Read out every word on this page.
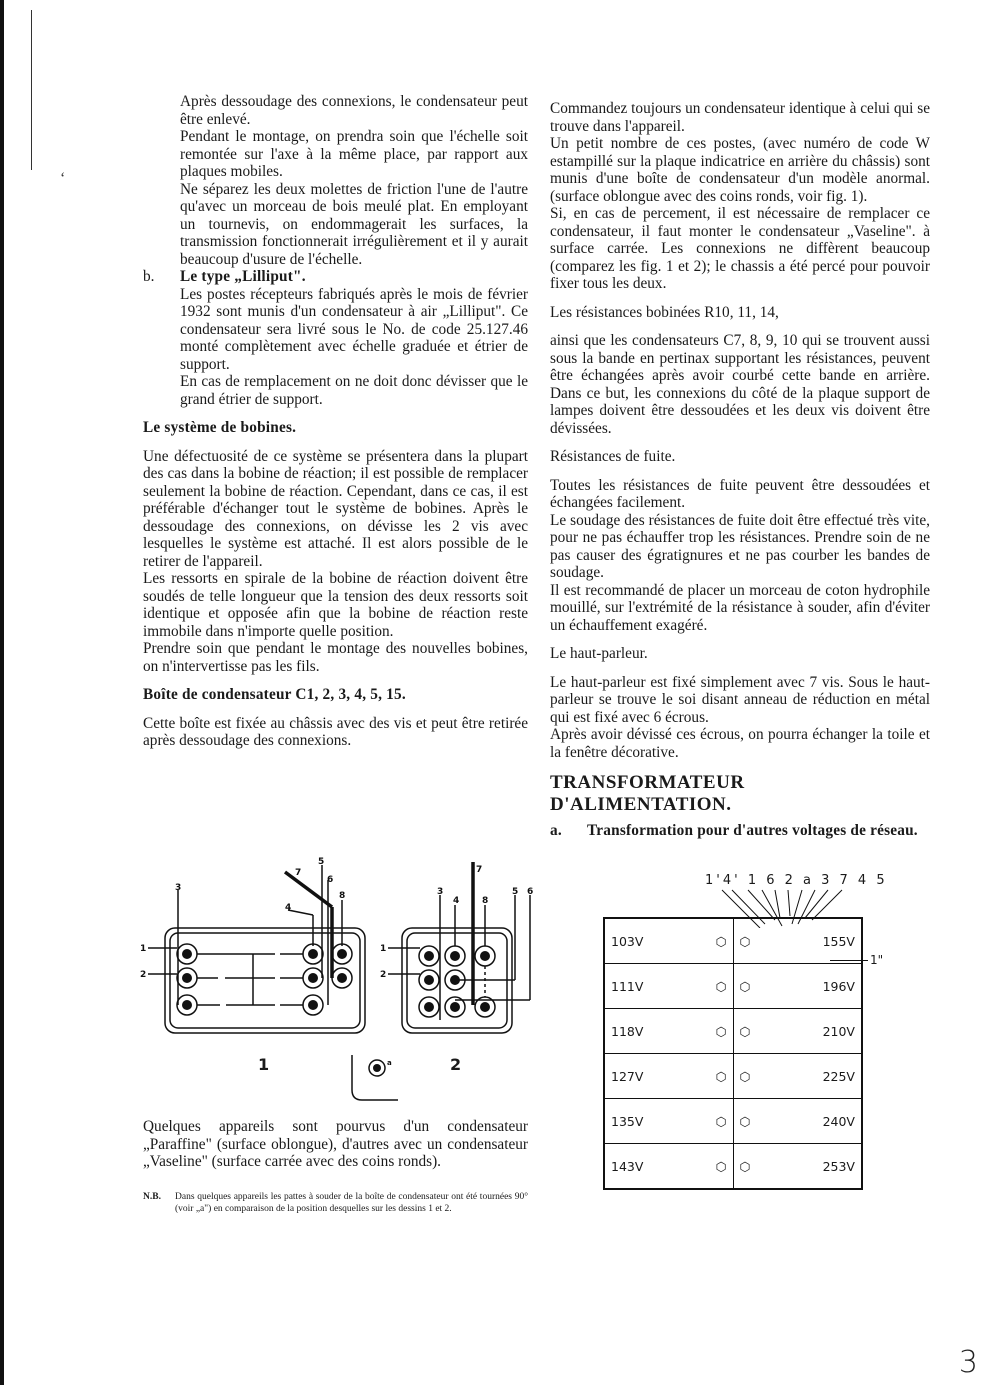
ʻ

Après dessoudage des connexions, le condensateur peut être enlevé.

Pendant le montage, on prendra soin que l'échelle soit remontée sur l'axe à la même place, par rapport aux plaques mobiles.

Ne séparez les deux molettes de friction l'une de l'autre qu'avec un morceau de bois meulé plat. En employant un tournevis, on endommagerait les surfaces, la transmission fonctionnerait irrégulièrement et il y aurait beaucoup d'usure de l'échelle.

b.	Le type „Lilliput".

Les postes récepteurs fabriqués après le mois de février 1932 sont munis d'un condensateur à air „Lilliput". Ce condensateur sera livré sous le No. de code 25.127.46 monté complètement avec échelle graduée et étrier de support.

En cas de remplacement on ne doit donc dévisser que le grand étrier de support.

Le système de bobines.

Une défectuosité de ce système se présentera dans la plupart des cas dans la bobine de réaction; il est possible de remplacer seulement la bobine de réaction. Cependant, dans ce cas, il est préférable d'échanger tout le système de bobines. Après le dessoudage des connexions, on dévisse les 2 vis avec lesquelles le système est attaché. Il est alors possible de le retirer de l'appareil.

Les ressorts en spirale de la bobine de réaction doivent être soudés de telle longueur que la tension des deux ressorts soit identique et opposée afin que la bobine de réaction reste immobile dans n'importe quelle position.

Prendre soin que pendant le montage des nouvelles bobines, on n'intervertisse pas les fils.

Boîte de condensateur C1, 2, 3, 4, 5, 15.

Cette boîte est fixée au châssis avec des vis et peut être retirée après dessoudage des connexions.

3
1
2
4
5
6
7
8	3
4	8
7
5 6
1
2
a
1	2

Quelques appareils sont pourvus d'un condensateur „Paraffine" (surface oblongue), d'autres avec un condensateur „Vaseline" (surface carrée avec des coins ronds).

N.B.	Dans quelques appareils les pattes à souder de la boîte de condensateur ont été tournées 90° (voir „a") en comparaison de la position desquelles sur les dessins 1 et 2.

Commandez toujours un condensateur identique à celui qui se trouve dans l'appareil.

Un petit nombre de ces postes, (avec numéro de code W estampillé sur la plaque indicatrice en arrière du châssis) sont munis d'une boîte de condensateur d'un modèle anormal. (surface oblongue avec des coins ronds, voir fig. 1).

Si, en cas de percement, il est nécessaire de remplacer ce condensateur, il faut monter le condensateur „Vaseline". à surface carrée. Les connexions ne diffèrent beaucoup (comparez les fig. 1 et 2); le chassis a été percé pour pouvoir fixer tous les deux.

Les résistances bobinées R10, 11, 14,

ainsi que les condensateurs C7, 8, 9, 10 qui se trouvent aussi sous la bande en pertinax supportant les résistances, peuvent être échangées après avoir courbé cette bande en arrière. Dans ce but, les connexions du côté de la plaque support de lampes doivent être dessoudées et les deux vis doivent être dévissées.

Résistances de fuite.

Toutes les résistances de fuite peuvent être dessoudées et échangées facilement.

Le soudage des résistances de fuite doit être effectué très vite, pour ne pas échauffer trop les résistances. Prendre soin de ne pas causer des égratignures et ne pas courber les bandes de soudage.

Il est recommandé de placer un morceau de coton hydrophile mouillé, sur l'extrémité de la résistance à souder, afin d'éviter un échauffement exagéré.

Le haut-parleur.

Le haut-parleur est fixé simplement avec 7 vis. Sous le haut-parleur se trouve le soi disant anneau de réduction en métal qui est fixé avec 6 écrous.

Après avoir dévissé ces écrous, on pourra échanger la toile et la fenêtre décorative.

TRANSFORMATEUR D'ALIMENTATION.

a.	Transformation pour d'autres voltages de réseau.

1'4' 1 6 2 a 3 7 4 5
103V ⬡	⬡ 155V

111V ⬡	⬡ 196V

118V ⬡	⬡ 210V

127V ⬡	⬡ 225V

135V ⬡	⬡ 240V

143V ⬡	⬡ 253V
1"
3
